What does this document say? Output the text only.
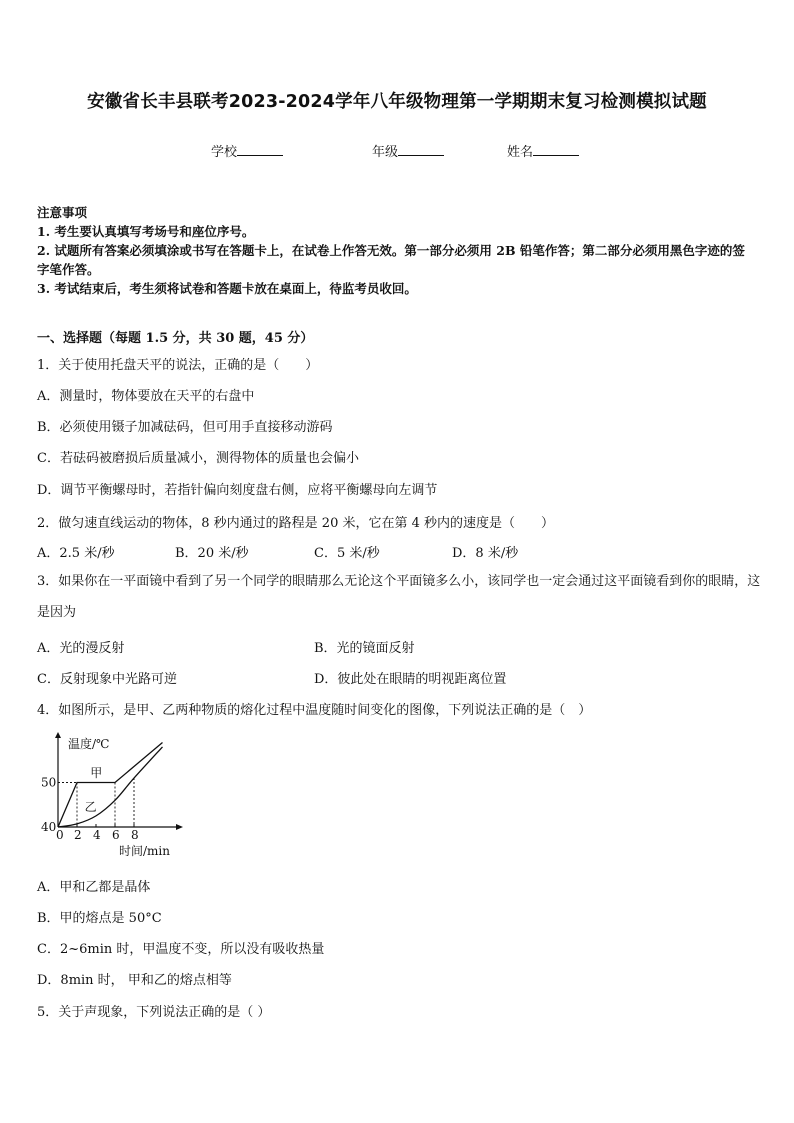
安徽省长丰县联考2023-2024学年八年级物理第一学期期末复习检测模拟试题
学校	年级	姓名
注意事项
1. 考生要认真填写考场号和座位序号。
2. 试题所有答案必须填涂或书写在答题卡上，在试卷上作答无效。第一部分必须用 2B 铅笔作答；第二部分必须用黑色字迹的签字笔作答。
3. 考试结束后，考生须将试卷和答题卡放在桌面上，待监考员收回。
一、选择题（每题 1.5 分，共 30 题，45 分）
1．关于使用托盘天平的说法，正确的是（　　）
A．测量时，物体要放在天平的右盘中
B．必须使用镊子加减砝码，但可用手直接移动游码
C．若砝码被磨损后质量减小，测得物体的质量也会偏小
D．调节平衡螺母时，若指针偏向刻度盘右侧，应将平衡螺母向左调节
2．做匀速直线运动的物体，8 秒内通过的路程是 20 米，它在第 4 秒内的速度是（　　）
A．2.5 米/秒	B．20 米/秒	C．5 米/秒	D．8 米/秒
3．如果你在一平面镜中看到了另一个同学的眼睛那么无论这个平面镜多么小，该同学也一定会通过这平面镜看到你的眼睛，这是因为
A．光的漫反射	B．光的镜面反射
C．反射现象中光路可逆	D．彼此处在眼睛的明视距离位置
4．如图所示，是甲、乙两种物质的熔化过程中温度随时间变化的图像，下列说法正确的是（　）
温度/℃
时间/min
50
40
0 2 4 6 8
甲
乙
A．甲和乙都是晶体
B．甲的熔点是 50°C
C．2~6min 时，甲温度不变，所以没有吸收热量
D．8min 时， 甲和乙的熔点相等
5．关于声现象，下列说法正确的是（ ）
